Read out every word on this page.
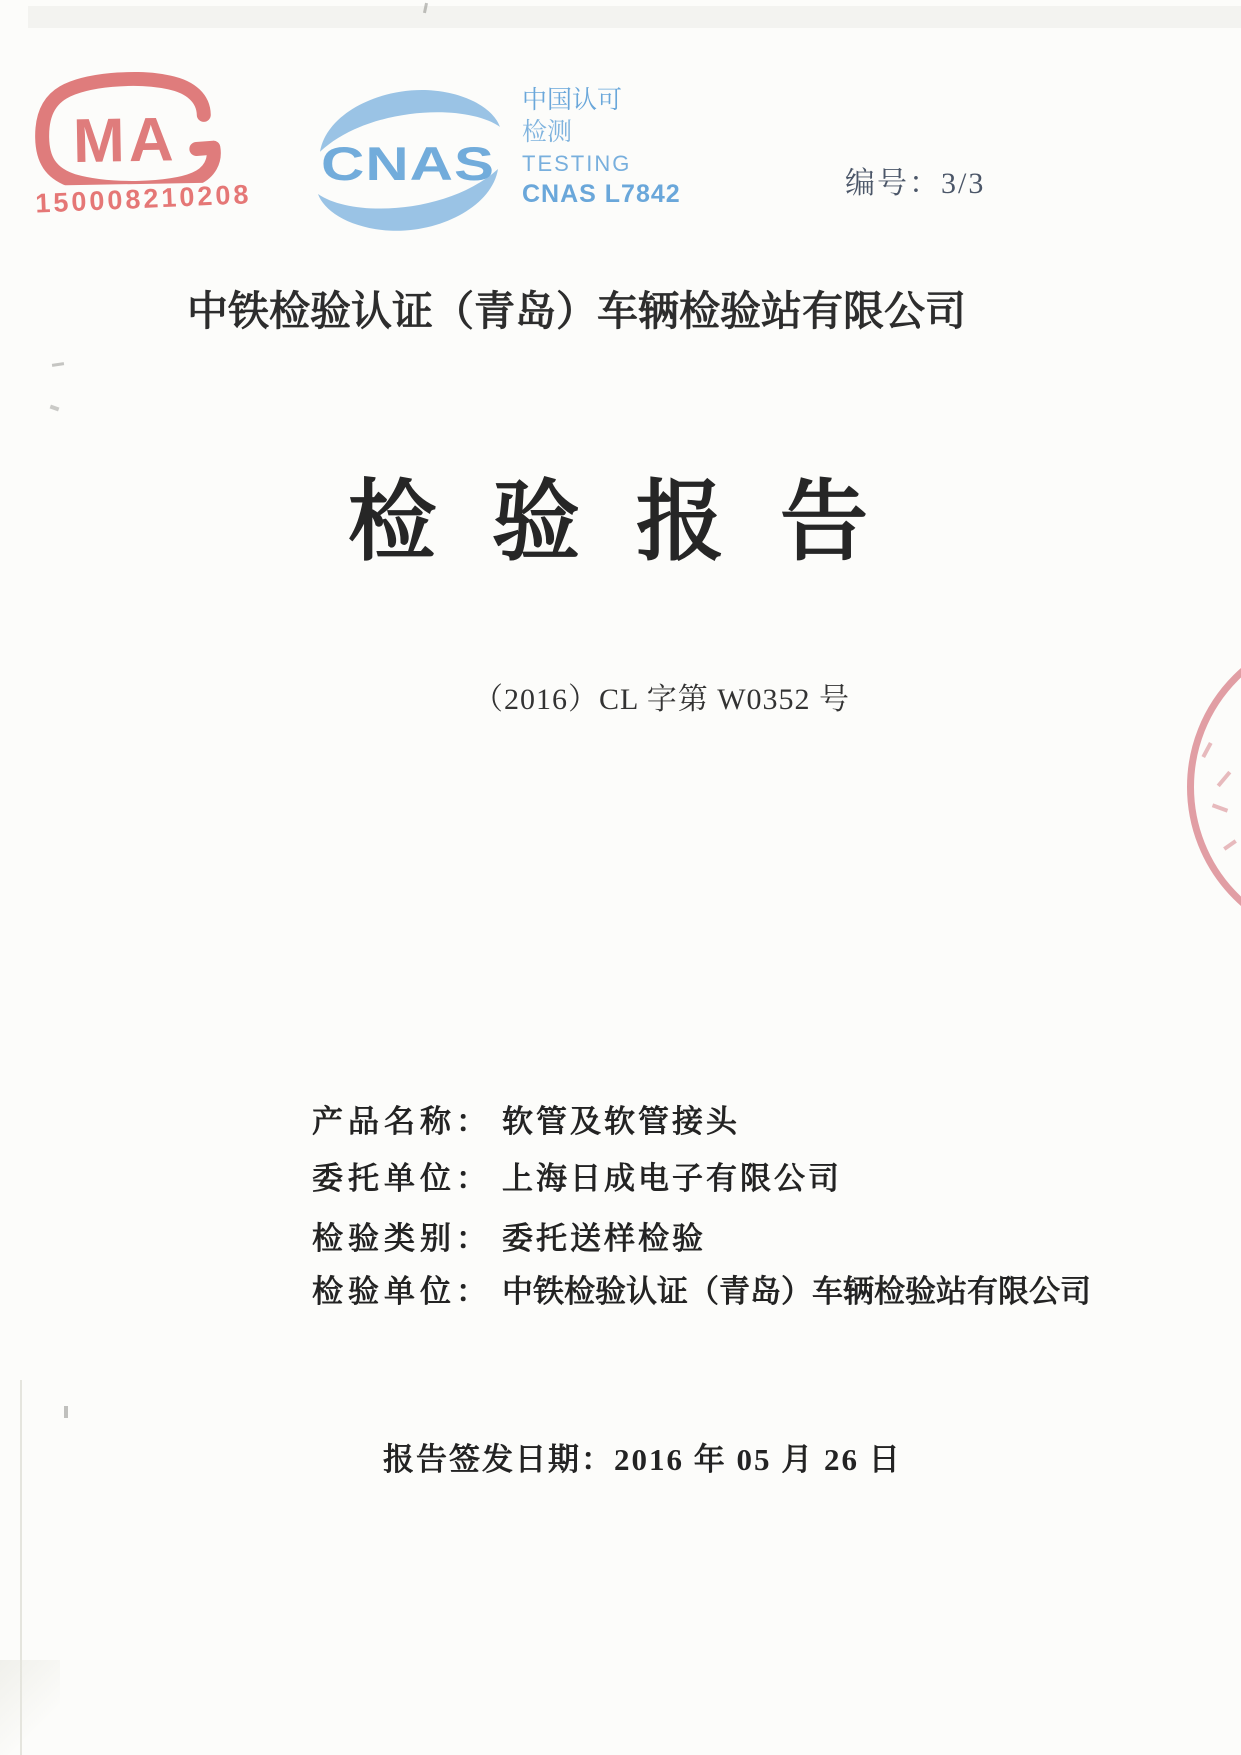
MA
150008210208
CNAS
中国认可
检测
TESTING
CNAS L7842	编号：3/3
中铁检验认证（青岛）车辆检验站有限公司
检验报告
（2016）CL 字第 W0352 号
产品名称： 软管及软管接头
委托单位： 上海日成电子有限公司
检验类别： 委托送样检验
检验单位： 中铁检验认证（青岛）车辆检验站有限公司
报告签发日期：2016 年 05 月 26 日
